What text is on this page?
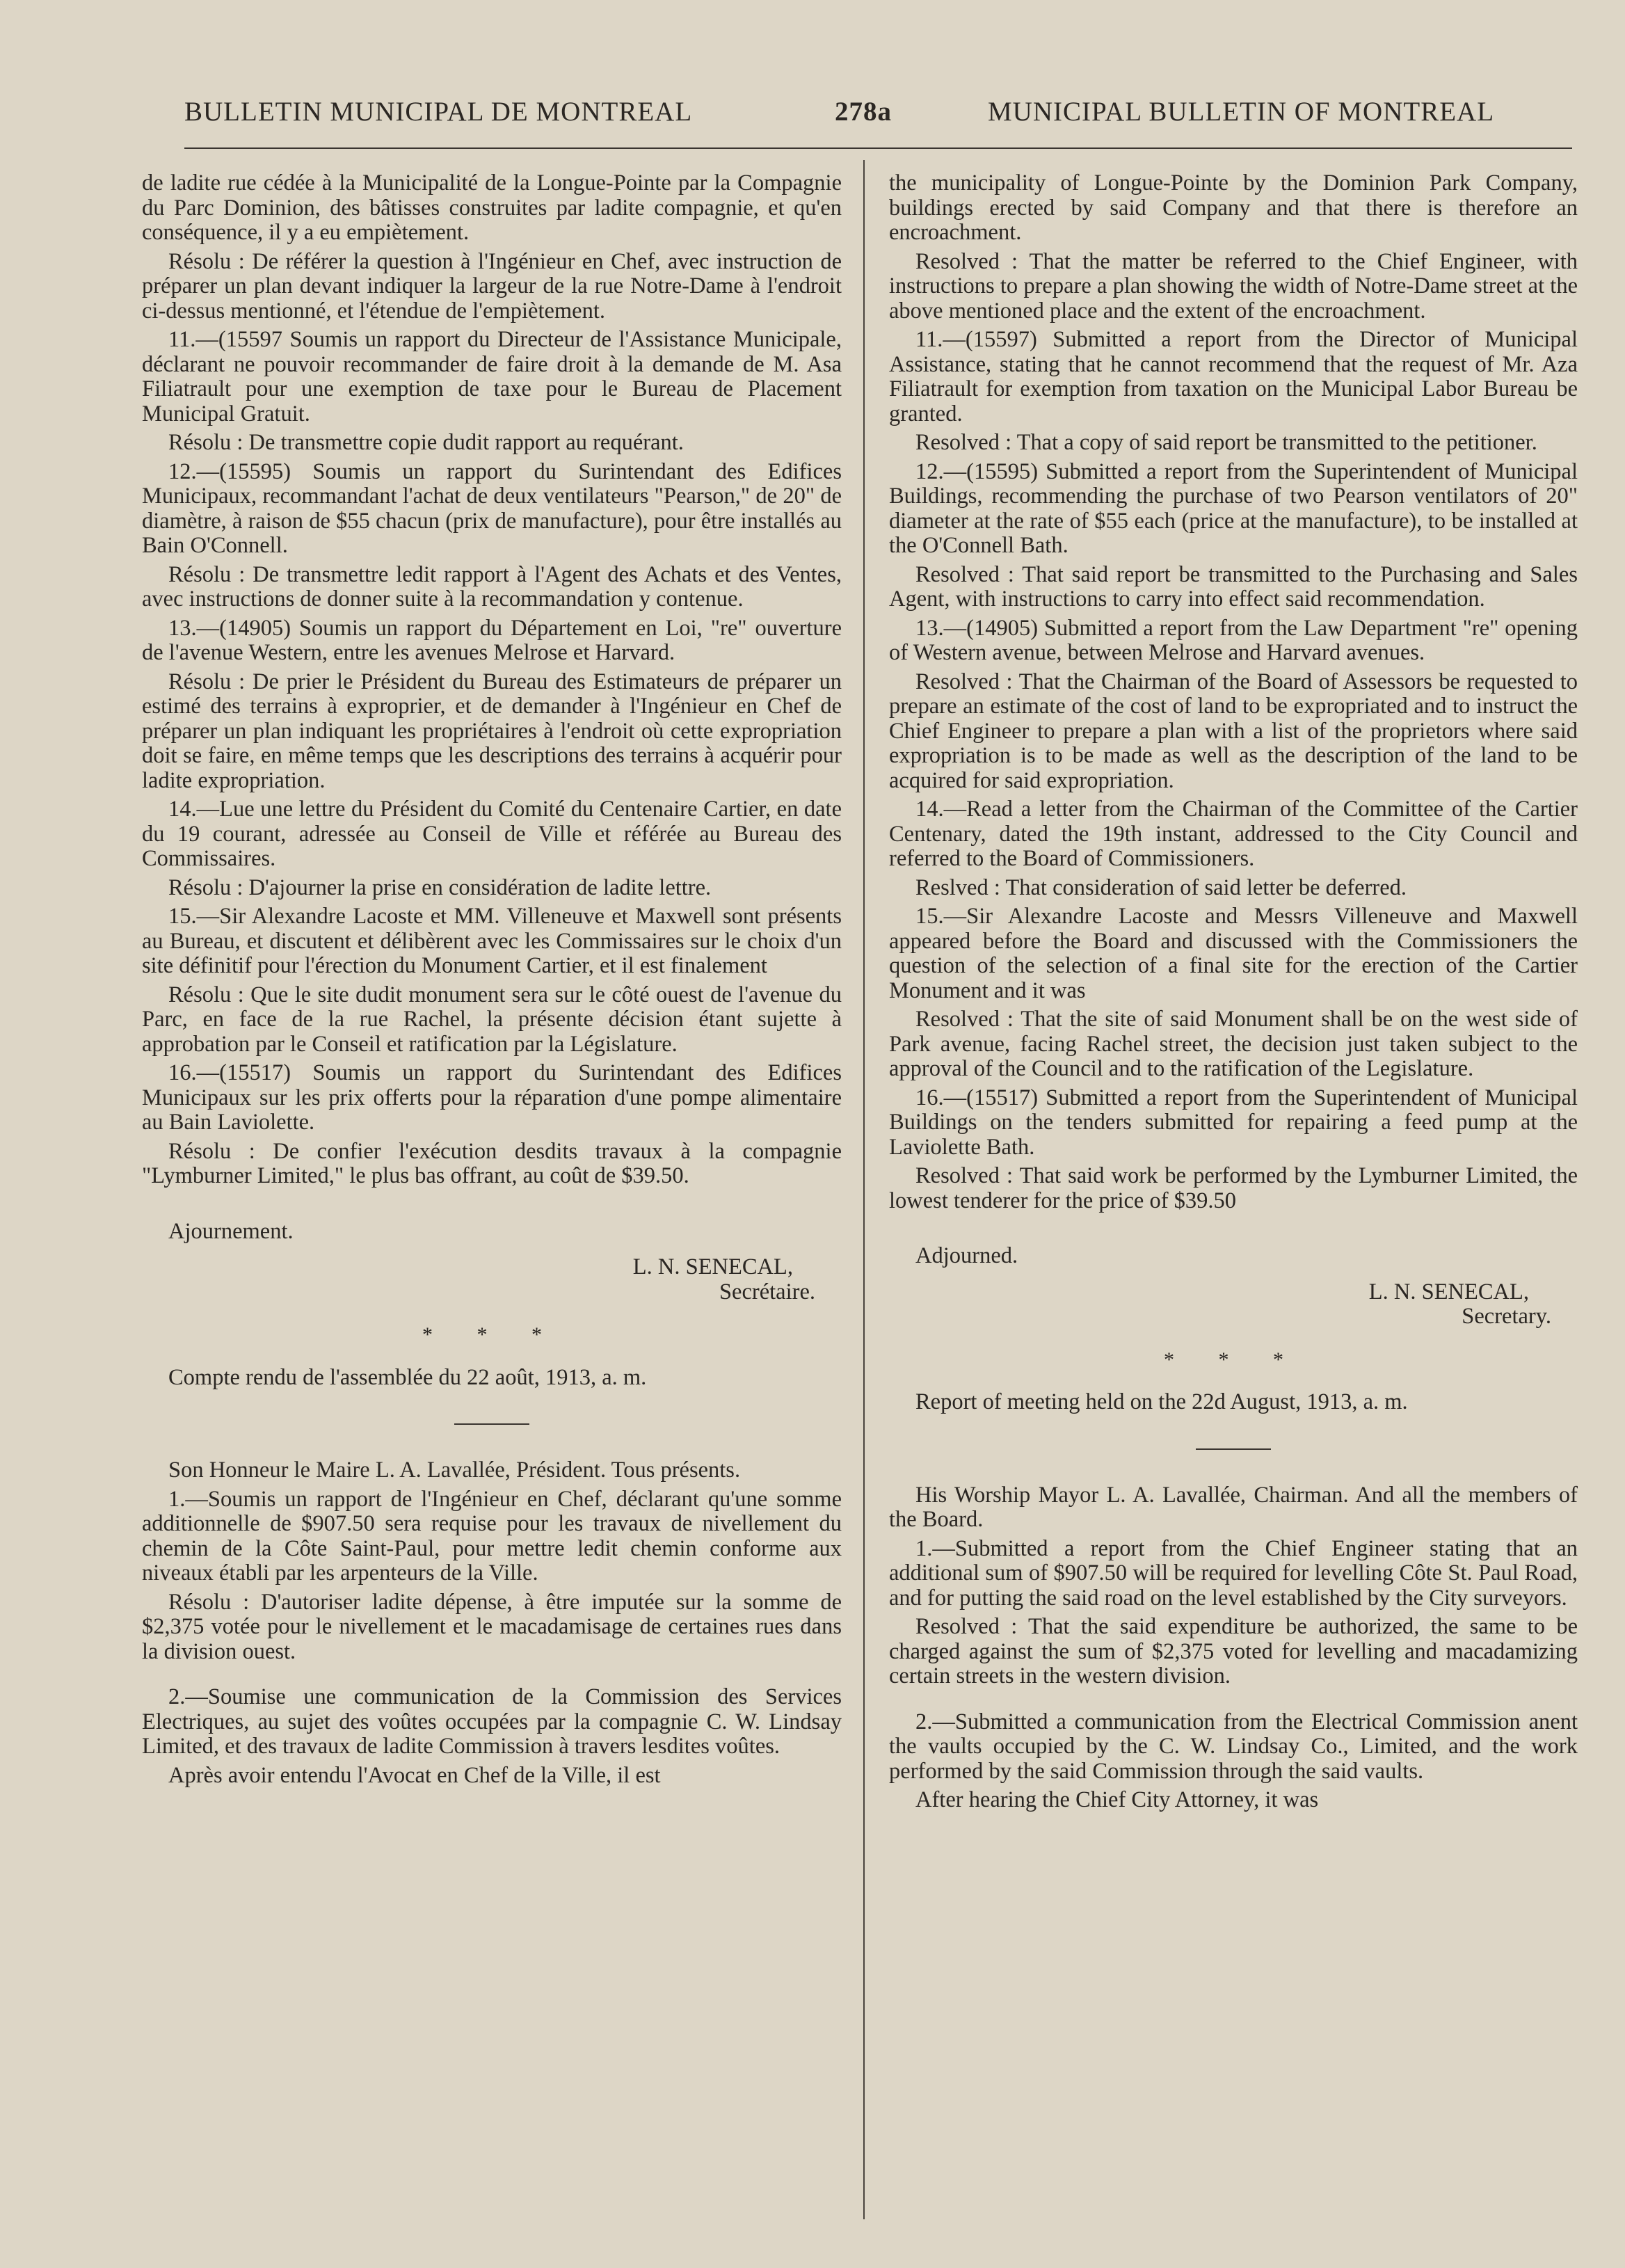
BULLETIN MUNICIPAL DE MONTREAL	278a	MUNICIPAL BULLETIN OF MONTREAL

de ladite rue cédée à la Municipalité de la Longue-Pointe par la Compagnie du Parc Dominion, des bâtisses construites par ladite compagnie, et qu'en conséquence, il y a eu empiètement.

Résolu : De référer la question à l'Ingénieur en Chef, avec instruction de préparer un plan devant indiquer la largeur de la rue Notre-Dame à l'endroit ci-dessus mentionné, et l'étendue de l'empiètement.

11.—(15597 Soumis un rapport du Directeur de l'Assistance Municipale, déclarant ne pouvoir recommander de faire droit à la demande de M. Asa Filiatrault pour une exemption de taxe pour le Bureau de Placement Municipal Gratuit.

Résolu : De transmettre copie dudit rapport au requérant.

12.—(15595) Soumis un rapport du Surintendant des Edifices Municipaux, recommandant l'achat de deux ventilateurs "Pearson," de 20" de diamètre, à raison de $55 chacun (prix de manufacture), pour être installés au Bain O'Connell.

Résolu : De transmettre ledit rapport à l'Agent des Achats et des Ventes, avec instructions de donner suite à la recommandation y contenue.

13.—(14905) Soumis un rapport du Département en Loi, "re" ouverture de l'avenue Western, entre les avenues Melrose et Harvard.

Résolu : De prier le Président du Bureau des Estimateurs de préparer un estimé des terrains à exproprier, et de demander à l'Ingénieur en Chef de préparer un plan indiquant les propriétaires à l'endroit où cette expropriation doit se faire, en même temps que les descriptions des terrains à acquérir pour ladite expropriation.

14.—Lue une lettre du Président du Comité du Centenaire Cartier, en date du 19 courant, adressée au Conseil de Ville et référée au Bureau des Commissaires.

Résolu : D'ajourner la prise en considération de ladite lettre.

15.—Sir Alexandre Lacoste et MM. Villeneuve et Maxwell sont présents au Bureau, et discutent et délibèrent avec les Commissaires sur le choix d'un site définitif pour l'érection du Monument Cartier, et il est finalement

Résolu : Que le site dudit monument sera sur le côté ouest de l'avenue du Parc, en face de la rue Rachel, la présente décision étant sujette à approbation par le Conseil et ratification par la Législature.

16.—(15517) Soumis un rapport du Surintendant des Edifices Municipaux sur les prix offerts pour la réparation d'une pompe alimentaire au Bain Laviolette.

Résolu : De confier l'exécution desdits travaux à la compagnie "Lymburner Limited," le plus bas offrant, au coût de $39.50.

Ajournement.

L. N. SENECAL,
Secrétaire.
* * *

Compte rendu de l'assemblée du 22 août, 1913, a. m.

Son Honneur le Maire L. A. Lavallée, Président. Tous présents.

1.—Soumis un rapport de l'Ingénieur en Chef, déclarant qu'une somme additionnelle de $907.50 sera requise pour les travaux de nivellement du chemin de la Côte Saint-Paul, pour mettre ledit chemin conforme aux niveaux établi par les arpenteurs de la Ville.

Résolu : D'autoriser ladite dépense, à être imputée sur la somme de $2,375 votée pour le nivellement et le macadamisage de certaines rues dans la division ouest.

2.—Soumise une communication de la Commission des Services Electriques, au sujet des voûtes occupées par la compagnie C. W. Lindsay Limited, et des travaux de ladite Commission à travers lesdites voûtes.

Après avoir entendu l'Avocat en Chef de la Ville, il est

the municipality of Longue-Pointe by the Dominion Park Company, buildings erected by said Company and that there is therefore an encroachment.

Resolved : That the matter be referred to the Chief Engineer, with instructions to prepare a plan showing the width of Notre-Dame street at the above mentioned place and the extent of the encroachment.

11.—(15597) Submitted a report from the Director of Municipal Assistance, stating that he cannot recommend that the request of Mr. Aza Filiatrault for exemption from taxation on the Municipal Labor Bureau be granted.

Resolved : That a copy of said report be transmitted to the petitioner.

12.—(15595) Submitted a report from the Superintendent of Municipal Buildings, recommending the purchase of two Pearson ventilators of 20" diameter at the rate of $55 each (price at the manufacture), to be installed at the O'Connell Bath.

Resolved : That said report be transmitted to the Purchasing and Sales Agent, with instructions to carry into effect said recommendation.

13.—(14905) Submitted a report from the Law Department "re" opening of Western avenue, between Melrose and Harvard avenues.

Resolved : That the Chairman of the Board of Assessors be requested to prepare an estimate of the cost of land to be expropriated and to instruct the Chief Engineer to prepare a plan with a list of the proprietors where said expropriation is to be made as well as the description of the land to be acquired for said expropriation.

14.—Read a letter from the Chairman of the Committee of the Cartier Centenary, dated the 19th instant, addressed to the City Council and referred to the Board of Commissioners.

Reslved : That consideration of said letter be deferred.

15.—Sir Alexandre Lacoste and Messrs Villeneuve and Maxwell appeared before the Board and discussed with the Commissioners the question of the selection of a final site for the erection of the Cartier Monument and it was

Resolved : That the site of said Monument shall be on the west side of Park avenue, facing Rachel street, the decision just taken subject to the approval of the Council and to the ratification of the Legislature.

16.—(15517) Submitted a report from the Superintendent of Municipal Buildings on the tenders submitted for repairing a feed pump at the Laviolette Bath.

Resolved : That said work be performed by the Lymburner Limited, the lowest tenderer for the price of $39.50

Adjourned.

L. N. SENECAL,
Secretary.
* * *

Report of meeting held on the 22d August, 1913, a. m.

His Worship Mayor L. A. Lavallée, Chairman. And all the members of the Board.

1.—Submitted a report from the Chief Engineer stating that an additional sum of $907.50 will be required for levelling Côte St. Paul Road, and for putting the said road on the level established by the City surveyors.

Resolved : That the said expenditure be authorized, the same to be charged against the sum of $2,375 voted for levelling and macadamizing certain streets in the western division.

2.—Submitted a communication from the Electrical Commission anent the vaults occupied by the C. W. Lindsay Co., Limited, and the work performed by the said Commission through the said vaults.

After hearing the Chief City Attorney, it was
